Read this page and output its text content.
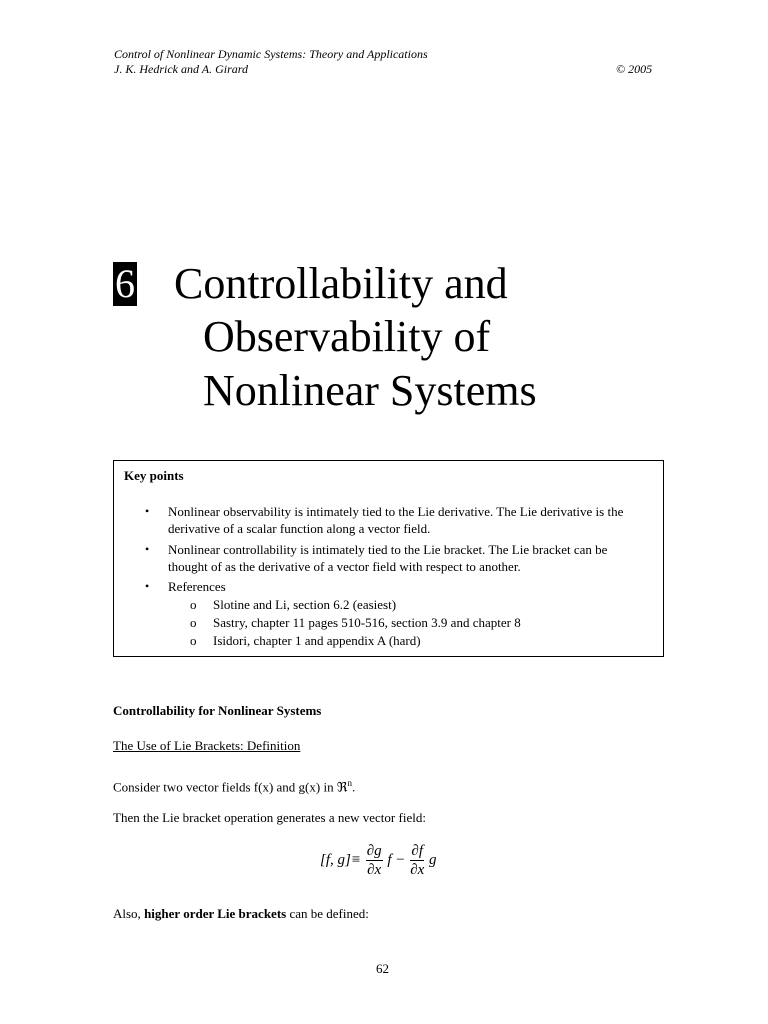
Control of Nonlinear Dynamic Systems: Theory and Applications
J. K. Hedrick and A. Girard	© 2005
6 Controllability and
Observability of
Nonlinear Systems
Key points
• Nonlinear observability is intimately tied to the Lie derivative. The Lie derivative is the derivative of a scalar function along a vector field.
• Nonlinear controllability is intimately tied to the Lie bracket. The Lie bracket can be thought of as the derivative of a vector field with respect to another.
• References
o Slotine and Li, section 6.2 (easiest)
o Sastry, chapter 11 pages 510-516, section 3.9 and chapter 8
o Isidori, chapter 1 and appendix A (hard)
Controllability for Nonlinear Systems
The Use of Lie Brackets: Definition
Consider two vector fields f(x) and g(x) in ℜ$^n$.
Then the Lie bracket operation generates a new vector field:
[f, $g]\equiv \frac{\partial g}{\partial x}$ $f - \frac{\partial f}{\partial x}$ g
Also, higher order Lie brackets can be defined:
62
